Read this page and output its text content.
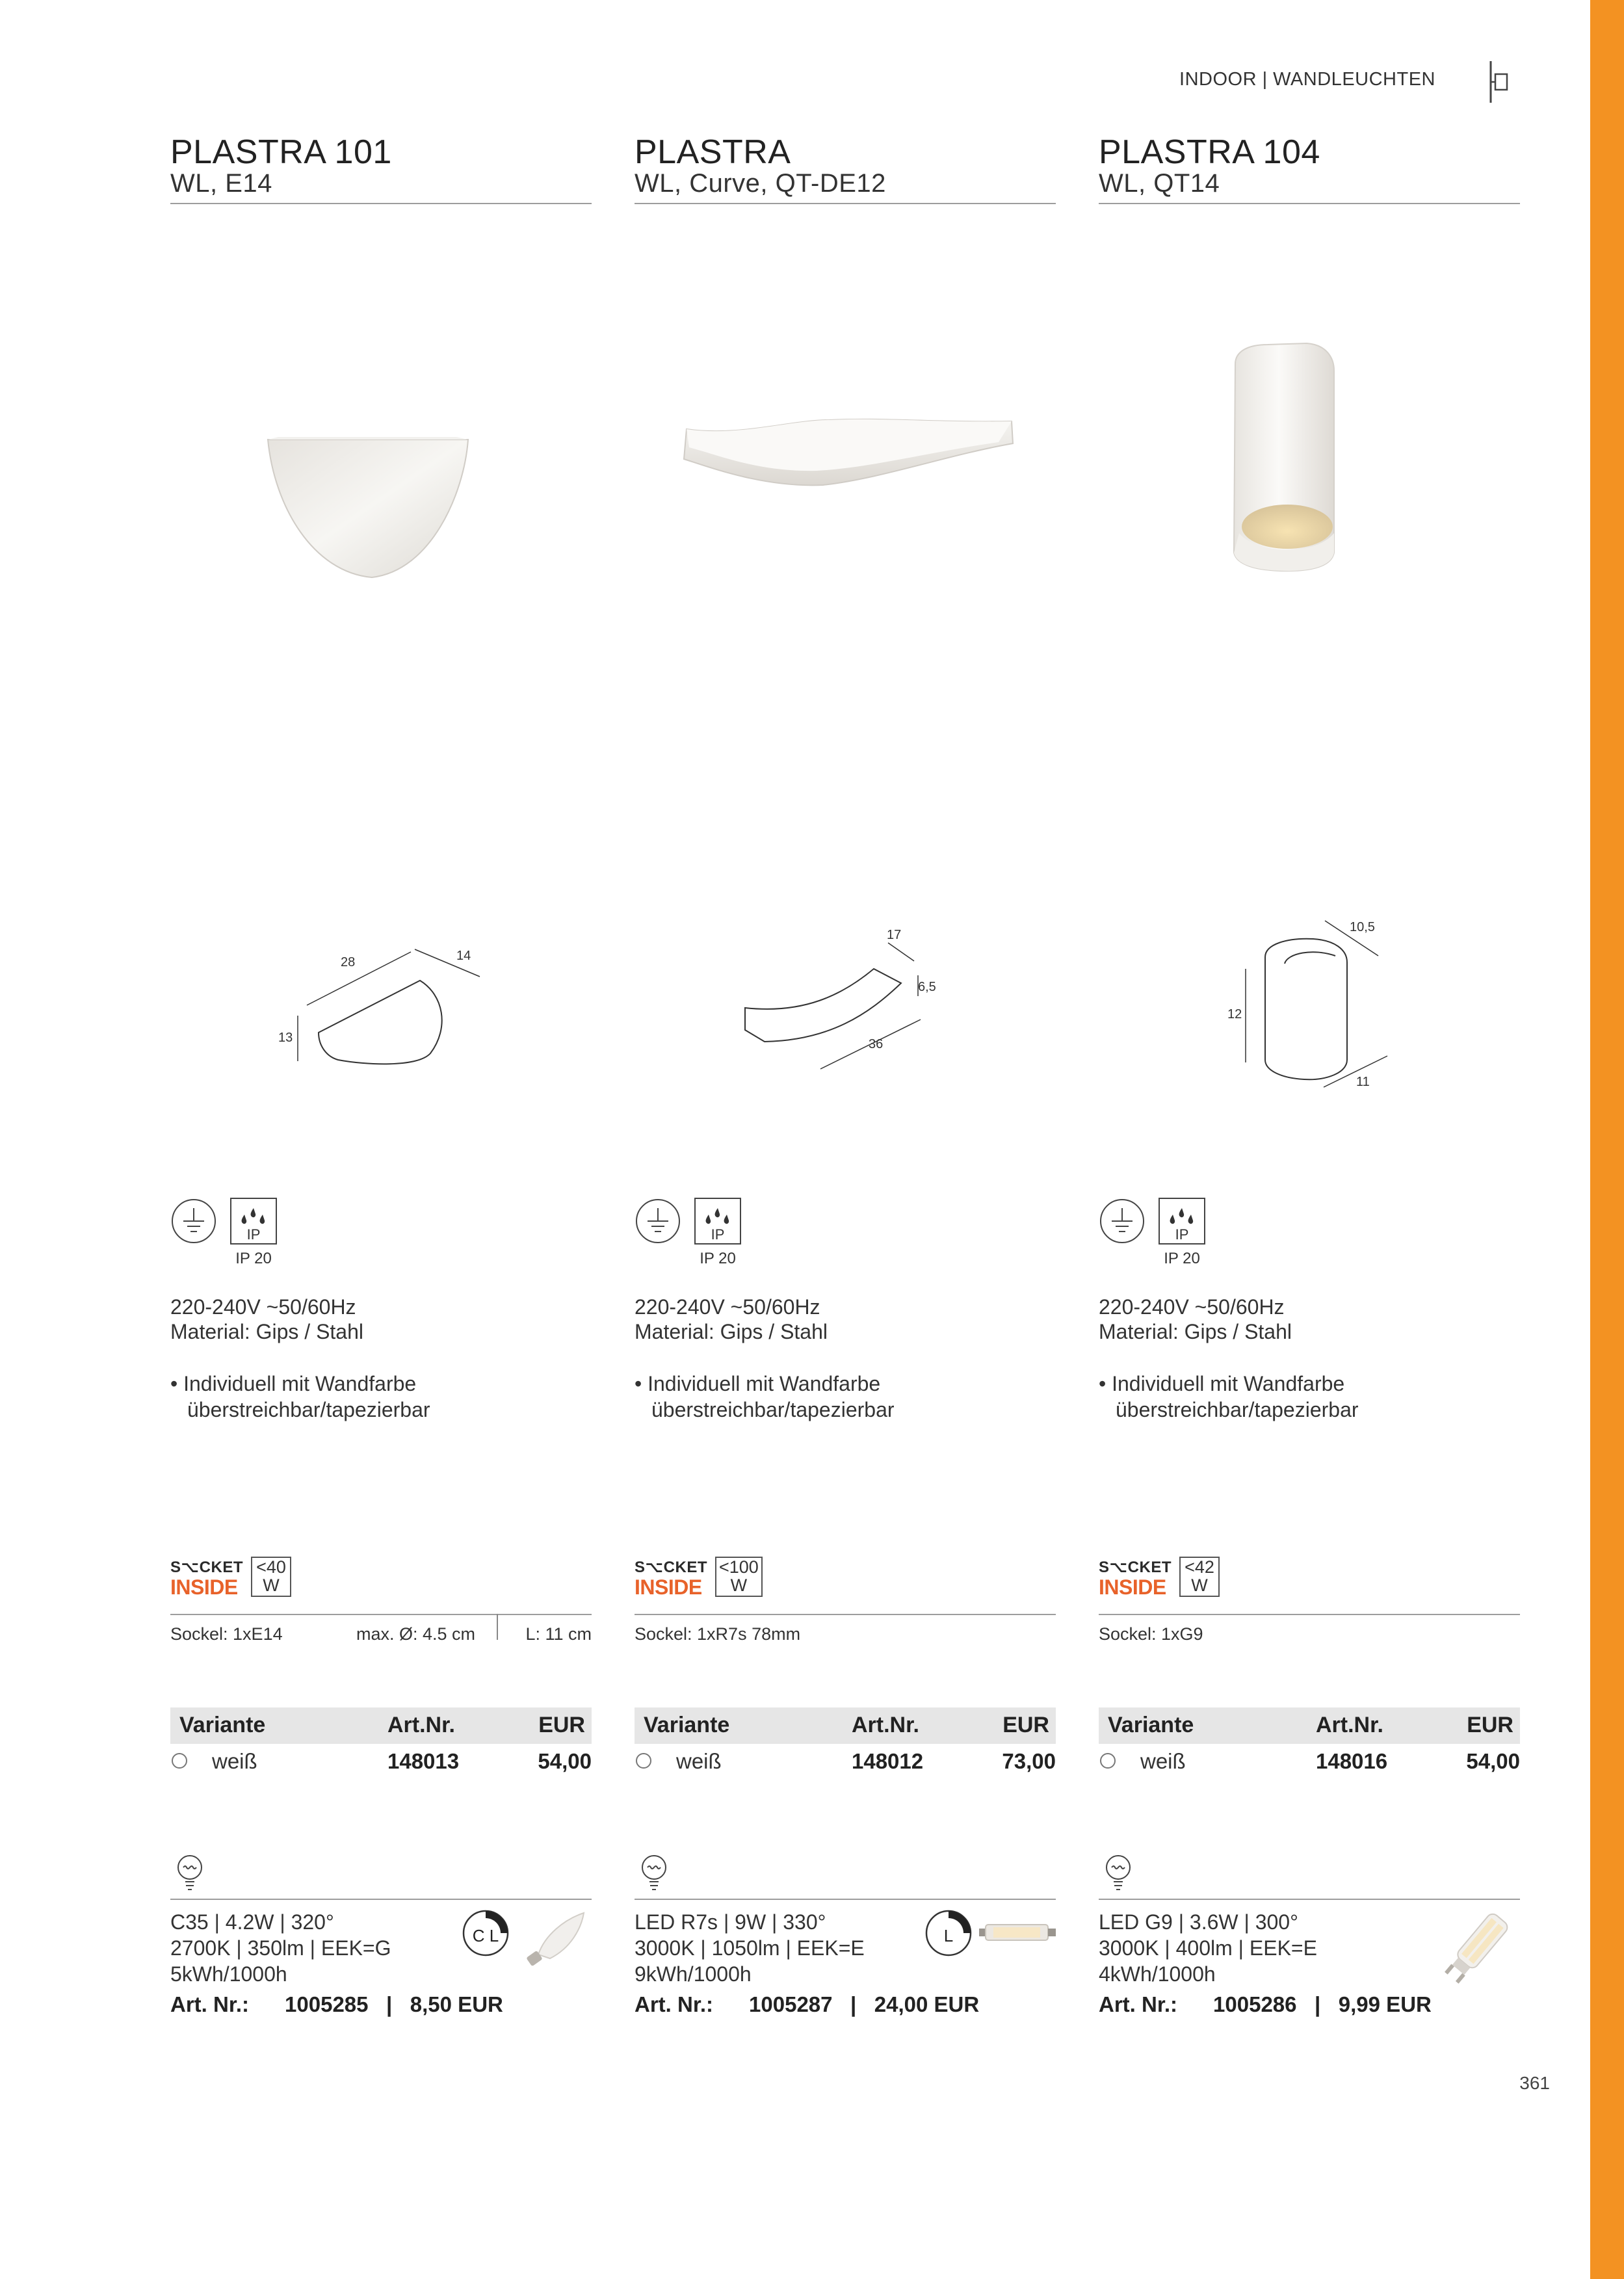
INDOOR | WANDLEUCHTEN
361
PLASTRA 101
WL, E14
28	14
13
IP
IP 20
220-240V ~50/60Hz
Material: Gips / Stahl
• Individuell mit Wandfarbe
überstreichbar/tapezierbar
S⌥CKET
INSIDE
<40
W
Sockel: 1xE14	max. Ø: 4.5 cm	L: 11 cm
Variante	Art.Nr.	EUR
weiß	148013	54,00
C35 | 4.2W | 320°
2700K | 350lm | EEK=G
5kWh/1000h
Art. Nr.: 1005285 | 8,50 EUR
C L
PLASTRA
WL, Curve, QT-DE12
17
6,5
36
IP
IP 20
220-240V ~50/60Hz
Material: Gips / Stahl
• Individuell mit Wandfarbe
überstreichbar/tapezierbar
S⌥CKET
INSIDE
<100
W
Sockel: 1xR7s 78mm
Variante	Art.Nr.	EUR
weiß	148012	73,00
LED R7s | 9W | 330°
3000K | 1050lm | EEK=E
9kWh/1000h
Art. Nr.: 1005287 | 24,00 EUR
L
PLASTRA 104
WL, QT14
10,5
12
11
IP
IP 20
220-240V ~50/60Hz
Material: Gips / Stahl
• Individuell mit Wandfarbe
überstreichbar/tapezierbar
S⌥CKET
INSIDE
<42
W
Sockel: 1xG9
Variante	Art.Nr.	EUR
weiß	148016	54,00
LED G9 | 3.6W | 300°
3000K | 400lm | EEK=E
4kWh/1000h
Art. Nr.: 1005286 | 9,99 EUR
